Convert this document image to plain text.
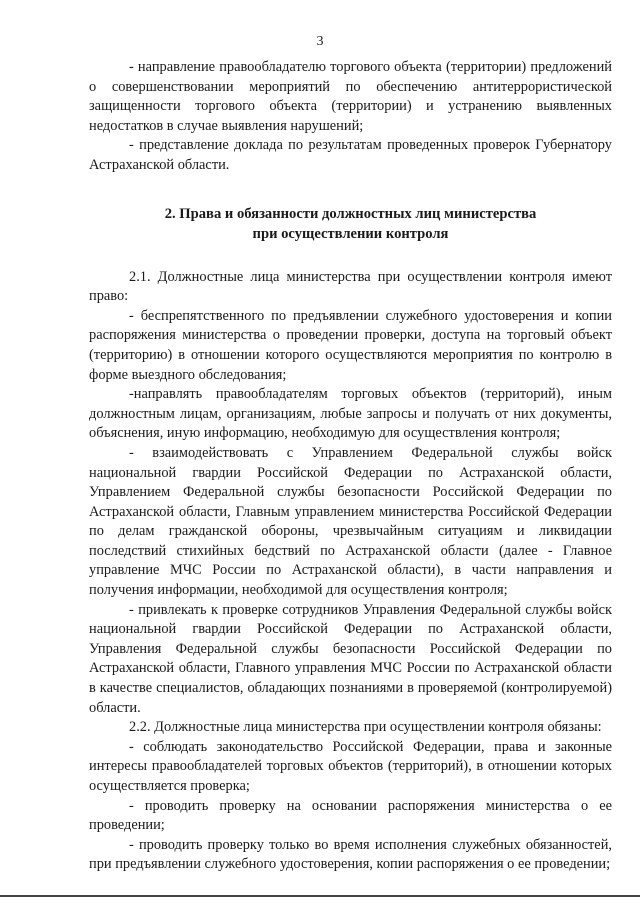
3

- направление правообладателю торгового объекта (территории) предложений о совершенствовании мероприятий по обеспечению антитеррористической защищенности торгового объекта (территории) и устранению выявленных недостатков в случае выявления нарушений;

- представление доклада по результатам проведенных проверок Губернатору Астраханской области.

2. Права и обязанности должностных лиц министерства
при осуществлении контроля

2.1. Должностные лица министерства при осуществлении контроля имеют право:

- беспрепятственного по предъявлении служебного удостоверения и копии распоряжения министерства о проведении проверки, доступа на торговый объект (территорию) в отношении которого осуществляются мероприятия по контролю в форме выездного обследования;

-направлять правообладателям торговых объектов (территорий), иным должностным лицам, организациям, любые запросы и получать от них документы, объяснения, иную информацию, необходимую для осуществления контроля;

- взаимодействовать с Управлением Федеральной службы войск национальной гвардии Российской Федерации по Астраханской области, Управлением Федеральной службы безопасности Российской Федерации по Астраханской области, Главным управлением министерства Российской Федерации по делам гражданской обороны, чрезвычайным ситуациям и ликвидации последствий стихийных бедствий по Астраханской области (далее - Главное управление МЧС России по Астраханской области), в части направления и получения информации, необходимой для осуществления контроля;

- привлекать к проверке сотрудников Управления Федеральной службы войск национальной гвардии Российской Федерации по Астраханской области, Управления Федеральной службы безопасности Российской Федерации по Астраханской области, Главного управления МЧС России по Астраханской области в качестве специалистов, обладающих познаниями в проверяемой (контролируемой) области.

2.2. Должностные лица министерства при осуществлении контроля обязаны:

- соблюдать законодательство Российской Федерации, права и законные интересы правообладателей торговых объектов (территорий), в отношении которых осуществляется проверка;

- проводить проверку на основании распоряжения министерства о ее проведении;

- проводить проверку только во время исполнения служебных обязанностей, при предъявлении служебного удостоверения, копии распоряжения о ее проведении;
